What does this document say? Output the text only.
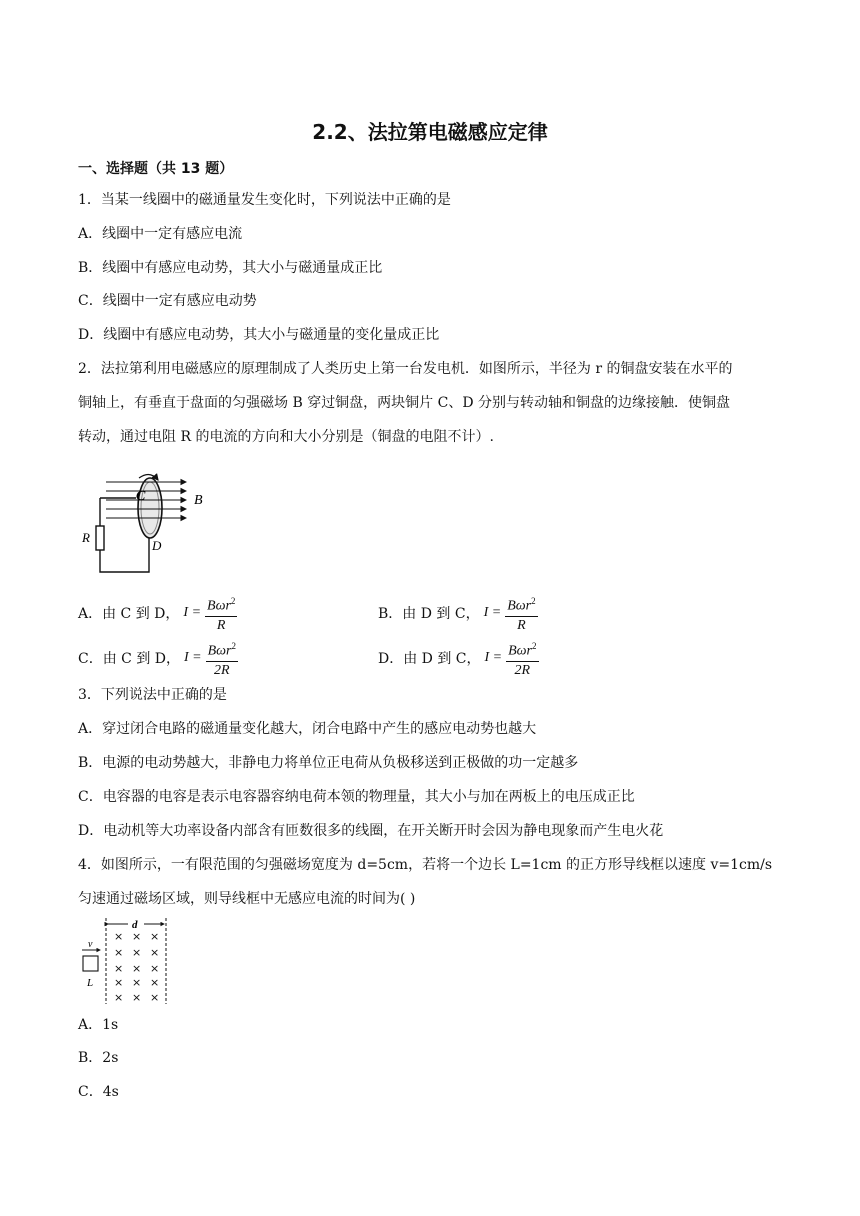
2.2、法拉第电磁感应定律
一、选择题（共 13 题）
1．当某一线圈中的磁通量发生变化时，下列说法中正确的是
A．线圈中一定有感应电流
B．线圈中有感应电动势，其大小与磁通量成正比
C．线圈中一定有感应电动势
D．线圈中有感应电动势，其大小与磁通量的变化量成正比
2．法拉第利用电磁感应的原理制成了人类历史上第一台发电机．如图所示，半径为 r 的铜盘安装在水平的
铜轴上，有垂直于盘面的匀强磁场 B 穿过铜盘，两块铜片 C、D 分别与转动轴和铜盘的边缘接触．使铜盘
转动，通过电阻 R 的电流的方向和大小分别是（铜盘的电阻不计）.
C	B
R
D
A．由 C 到 D， $I = \frac{B\omega r^2}{R}$	B．由 D 到 C， $I = \frac{B\omega r^2}{R}$
C．由 C 到 D， $I = \frac{B\omega r^2}{2R}$	D．由 D 到 C， $I = \frac{B\omega r^2}{2R}$
3．下列说法中正确的是
A．穿过闭合电路的磁通量变化越大，闭合电路中产生的感应电动势也越大
B．电源的电动势越大，非静电力将单位正电荷从负极移送到正极做的功一定越多
C．电容器的电容是表示电容器容纳电荷本领的物理量，其大小与加在两板上的电压成正比
D．电动机等大功率设备内部含有匝数很多的线圈，在开关断开时会因为静电现象而产生电火花
4．如图所示，一有限范围的匀强磁场宽度为 d=5cm，若将一个边长 L=1cm 的正方形导线框以速度 v=1cm/s
匀速通过磁场区域，则导线框中无感应电流的时间为( )
d
v
L
× × ×
× × ×
× × ×
× × ×
× × ×
A．1s
B．2s
C．4s
